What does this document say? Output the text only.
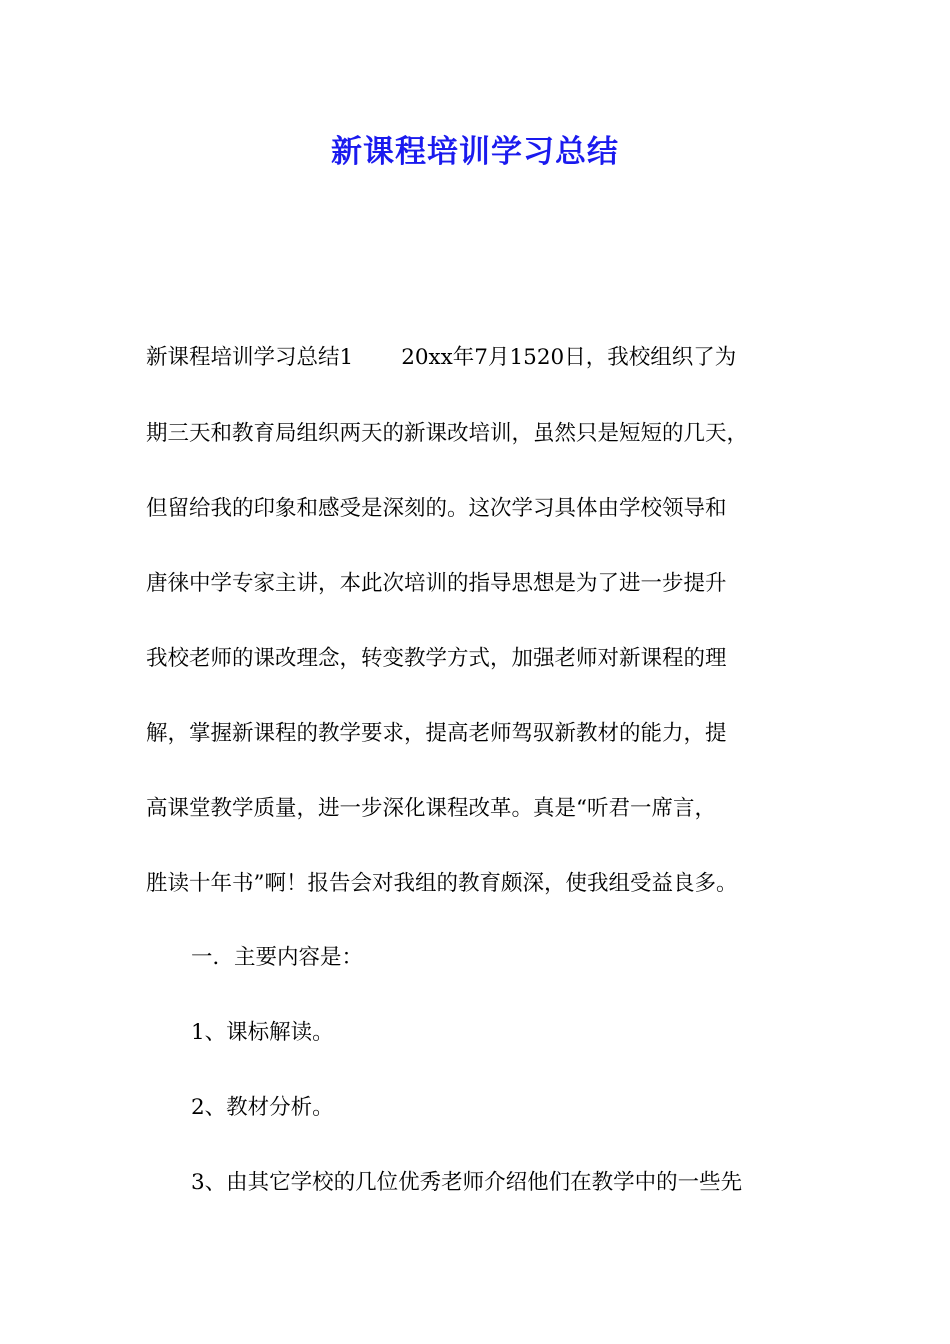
新课程培训学习总结

新课程培训学习总结1 20xx年7月1520日，我校组织了为

期三天和教育局组织两天的新课改培训，虽然只是短短的几天，

但留给我的印象和感受是深刻的。这次学习具体由学校领导和

唐徕中学专家主讲，本此次培训的指导思想是为了进一步提升

我校老师的课改理念，转变教学方式，加强老师对新课程的理

解，掌握新课程的教学要求，提高老师驾驭新教材的能力，提

高课堂教学质量，进一步深化课程改革。真是“听君一席言，

胜读十年书”啊！报告会对我组的教育颇深，使我组受益良多。

一．主要内容是：

1、课标解读。

2、教材分析。

3、由其它学校的几位优秀老师介绍他们在教学中的一些先
